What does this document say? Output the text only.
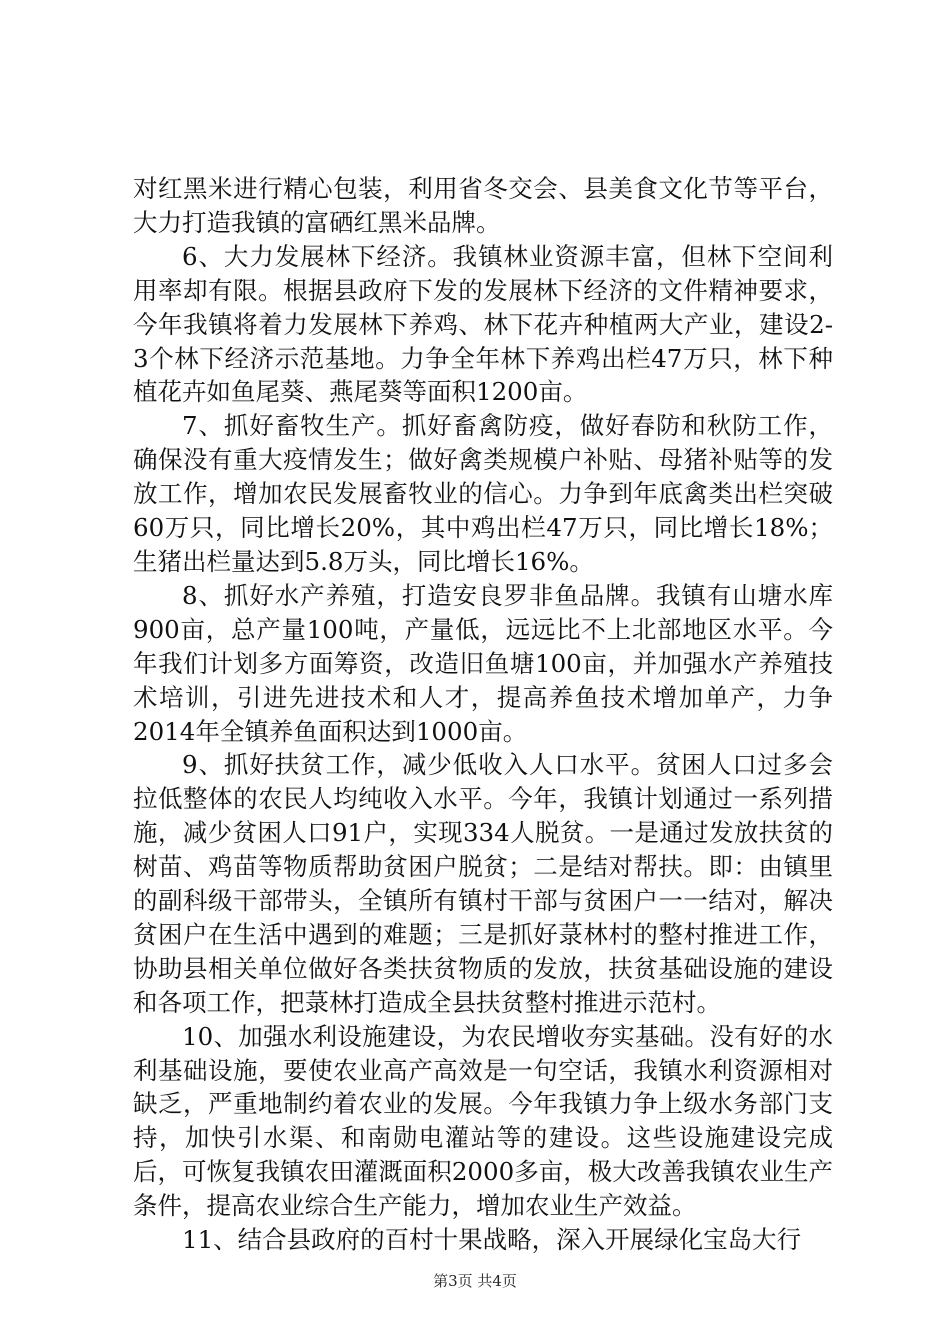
对红黑米进行精心包装，利用省冬交会、县美食文化节等平台，大力打造我镇的富硒红黑米品牌。

6、大力发展林下经济。我镇林业资源丰富，但林下空间利用率却有限。根据县政府下发的发展林下经济的文件精神要求，今年我镇将着力发展林下养鸡、林下花卉种植两大产业，建设2-3个林下经济示范基地。力争全年林下养鸡出栏47万只，林下种植花卉如鱼尾葵、燕尾葵等面积1200亩。

7、抓好畜牧生产。抓好畜禽防疫，做好春防和秋防工作，确保没有重大疫情发生；做好禽类规模户补贴、母猪补贴等的发放工作，增加农民发展畜牧业的信心。力争到年底禽类出栏突破60万只，同比增长20%，其中鸡出栏47万只，同比增长18%；生猪出栏量达到5.8万头，同比增长16%。

8、抓好水产养殖，打造安良罗非鱼品牌。我镇有山塘水库900亩，总产量100吨，产量低，远远比不上北部地区水平。今年我们计划多方面筹资，改造旧鱼塘100亩，并加强水产养殖技术培训，引进先进技术和人才，提高养鱼技术增加单产，力争2014年全镇养鱼面积达到1000亩。

9、抓好扶贫工作，减少低收入人口水平。贫困人口过多会拉低整体的农民人均纯收入水平。今年，我镇计划通过一系列措施，减少贫困人口91户，实现334人脱贫。一是通过发放扶贫的树苗、鸡苗等物质帮助贫困户脱贫；二是结对帮扶。即：由镇里的副科级干部带头，全镇所有镇村干部与贫困户一一结对，解决贫困户在生活中遇到的难题；三是抓好菉林村的整村推进工作，协助县相关单位做好各类扶贫物质的发放，扶贫基础设施的建设和各项工作，把菉林打造成全县扶贫整村推进示范村。

10、加强水利设施建设，为农民增收夯实基础。没有好的水利基础设施，要使农业高产高效是一句空话，我镇水利资源相对缺乏，严重地制约着农业的发展。今年我镇力争上级水务部门支持，加快引水渠、和南勋电灌站等的建设。这些设施建设完成后，可恢复我镇农田灌溉面积2000多亩，极大改善我镇农业生产条件，提高农业综合生产能力，增加农业生产效益。

11、结合县政府的百村十果战略，深入开展绿化宝岛大行

第3页 共4页
